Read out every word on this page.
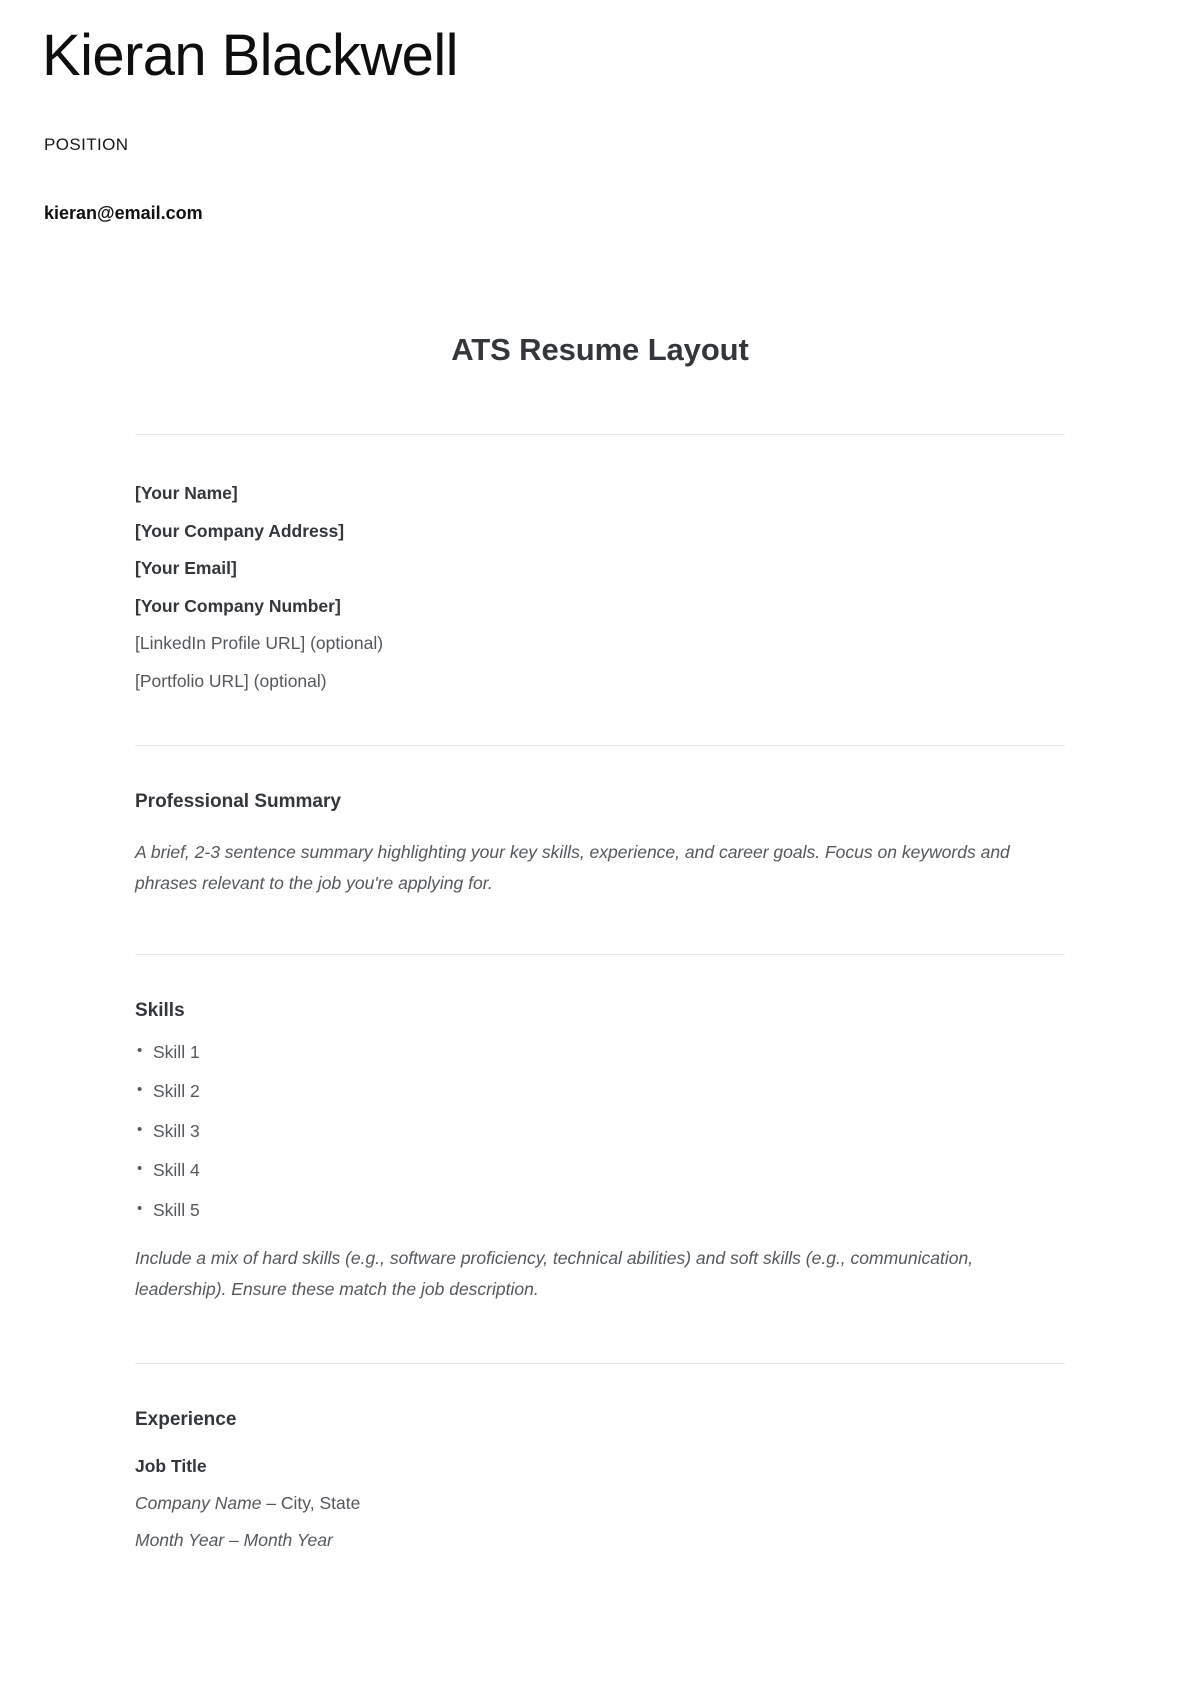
Kieran Blackwell
POSITION
kieran@email.com
ATS Resume Layout
[Your Name]
[Your Company Address]
[Your Email]
[Your Company Number]
[LinkedIn Profile URL] (optional)
[Portfolio URL] (optional)
Professional Summary

A brief, 2-3 sentence summary highlighting your key skills, experience, and career goals. Focus on keywords and phrases relevant to the job you're applying for.

Skills
• Skill 1
• Skill 2
• Skill 3
• Skill 4
• Skill 5

Include a mix of hard skills (e.g., software proficiency, technical abilities) and soft skills (e.g., communication, leadership). Ensure these match the job description.

Experience
Job Title
Company Name – City, State
Month Year – Month Year
